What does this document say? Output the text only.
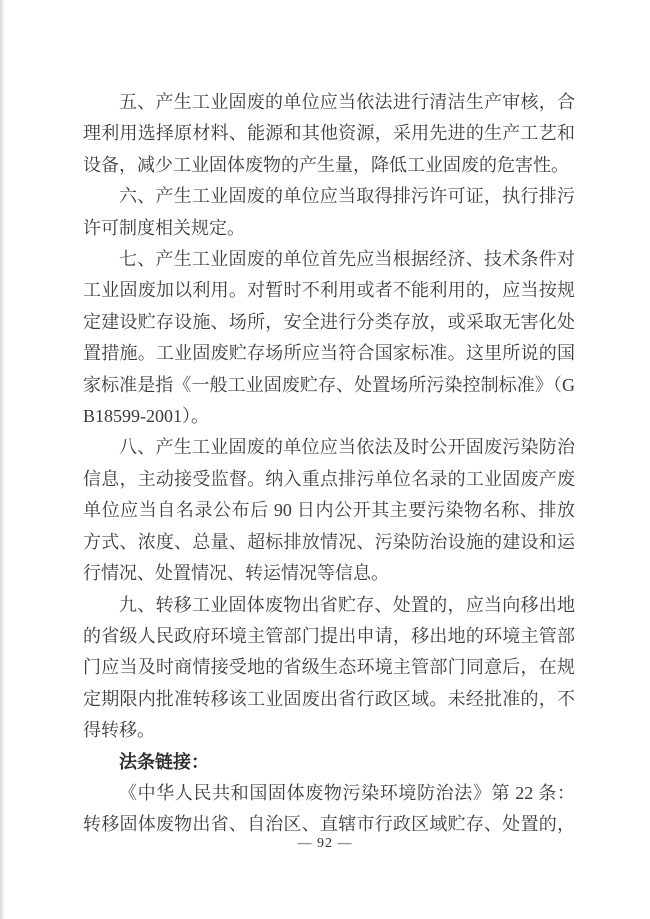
五、产生工业固废的单位应当依法进行清洁生产审核，合理利用选择原材料、能源和其他资源，采用先进的生产工艺和设备，减少工业固体废物的产生量，降低工业固废的危害性。

六、产生工业固废的单位应当取得排污许可证，执行排污许可制度相关规定。

七、产生工业固废的单位首先应当根据经济、技术条件对工业固废加以利用。对暂时不利用或者不能利用的，应当按规定建设贮存设施、场所，安全进行分类存放，或采取无害化处置措施。工业固废贮存场所应当符合国家标准。这里所说的国家标准是指《一般工业固废贮存、处置场所污染控制标准》（GB18599-2001）。

八、产生工业固废的单位应当依法及时公开固废污染防治信息，主动接受监督。纳入重点排污单位名录的工业固废产废单位应当自名录公布后 90 日内公开其主要污染物名称、排放方式、浓度、总量、超标排放情况、污染防治设施的建设和运行情况、处置情况、转运情况等信息。

九、转移工业固体废物出省贮存、处置的，应当向移出地的省级人民政府环境主管部门提出申请，移出地的环境主管部门应当及时商情接受地的省级生态环境主管部门同意后，在规定期限内批准转移该工业固废出省行政区域。未经批准的，不得转移。

法条链接：

《中华人民共和国固体废物污染环境防治法》第 22 条：转移固体废物出省、自治区、直辖市行政区域贮存、处置的，

— 92 —
